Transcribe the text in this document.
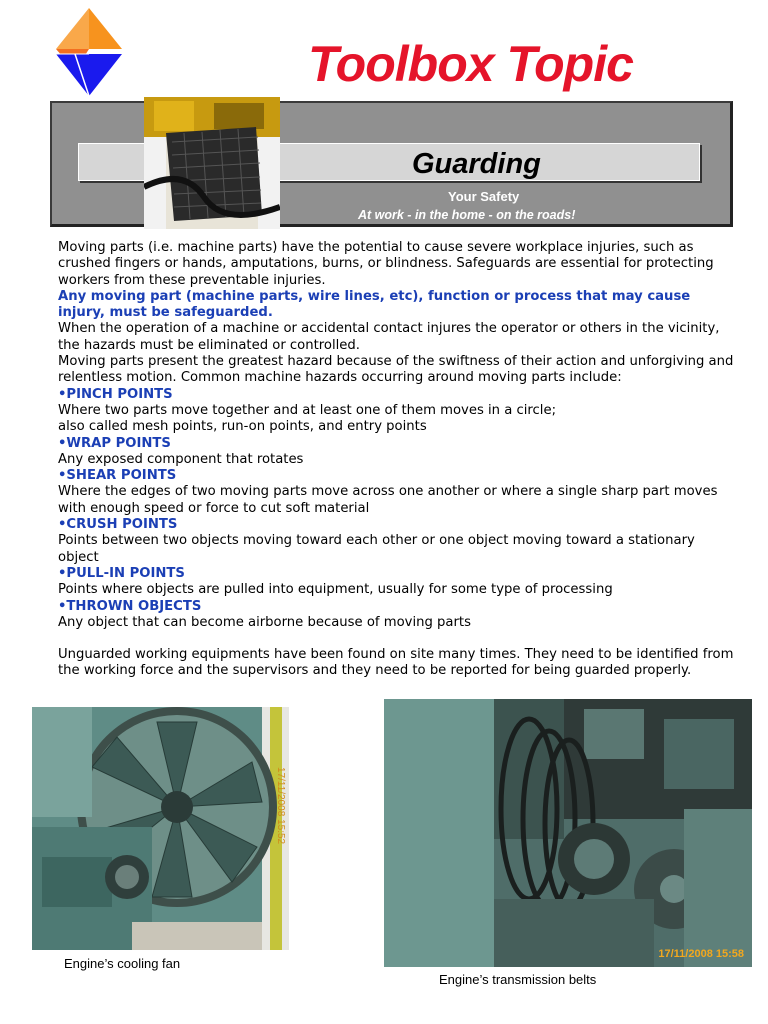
Toolbox Topic
Guarding
Your Safety
At work - in the home - on the roads!

Moving parts (i.e. machine parts) have the potential to cause severe workplace injuries, such as crushed fingers or hands, amputations, burns, or blindness. Safeguards are essential for protecting workers from these preventable injuries.

Any moving part (machine parts, wire lines, etc), function or process that may cause injury, must be safeguarded.

When the operation of a machine or accidental contact injures the operator or others in the vicinity, the hazards must be eliminated or controlled.

Moving parts present the greatest hazard because of the swiftness of their action and unforgiving and relentless motion. Common machine hazards occurring around moving parts include:

•PINCH POINTS

Where two parts move together and at least one of them moves in a circle;

also called mesh points, run-on points, and entry points

•WRAP POINTS

Any exposed component that rotates

•SHEAR POINTS

Where the edges of two moving parts move across one another or where a single sharp part moves with enough speed or force to cut soft material

•CRUSH POINTS

Points between two objects moving toward each other or one object moving toward a stationary object

•PULL-IN POINTS

Points where objects are pulled into equipment, usually for some type of processing

•THROWN OBJECTS

Any object that can become airborne because of moving parts

Unguarded working equipments have been found on site many times. They need to be identified from the working force and the supervisors and they need to be reported for being guarded properly.

17/11/2008 15:52
17/11/2008 15:58
Engine’s cooling fan
Engine’s transmission belts
